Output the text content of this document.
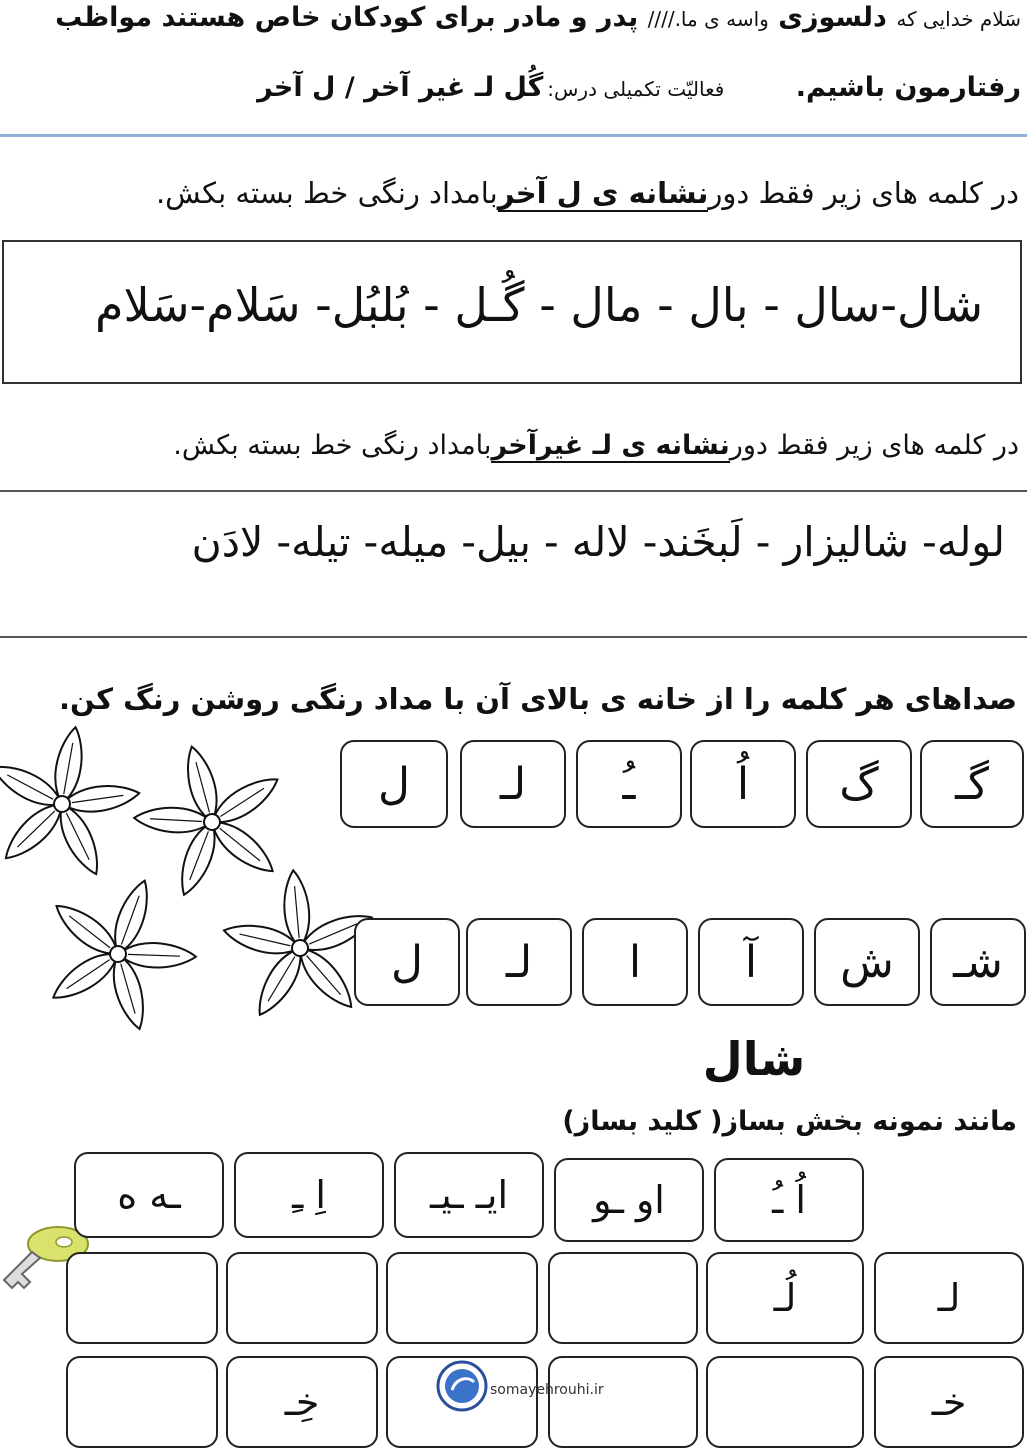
سَلام خدایی که دلسوزی واسه ی ما.//// پدر و مادر برای کودکان خاص هستند مواظب
رفتارمون باشیم. فعالیّت تکمیلی درس:گُل لـ غیر آخر / ل آخر
در کلمه های زیر فقط دورنشانه ی ل آخربامداد رنگی خط بسته بکش.
شال-سال - بال - مال - گُـل - بُلبُل- سَلام-سَلام
در کلمه های زیر فقط دورنشانه ی لـ غیرآخربامداد رنگی خط بسته بکش.
لوله- شالیزار - لَبخَند- لاله - بیل- میله- تیله- لادَن
صداهای هر کلمه را از خانه ی بالای آن با مداد رنگی روشن رنگ کن.
گـ
گ
اُ
ـُ
لـ
ل
شـ
ش
آ
ا
لـ
ل
شال
مانند نمونه بخش بساز( کلید بساز)
اُ ـُ
او ـو
ایـ ـیـ
اِ ـِ
ـه ه
لـ
لُـ
خـ
خِـ	somayehrouhi.ir
